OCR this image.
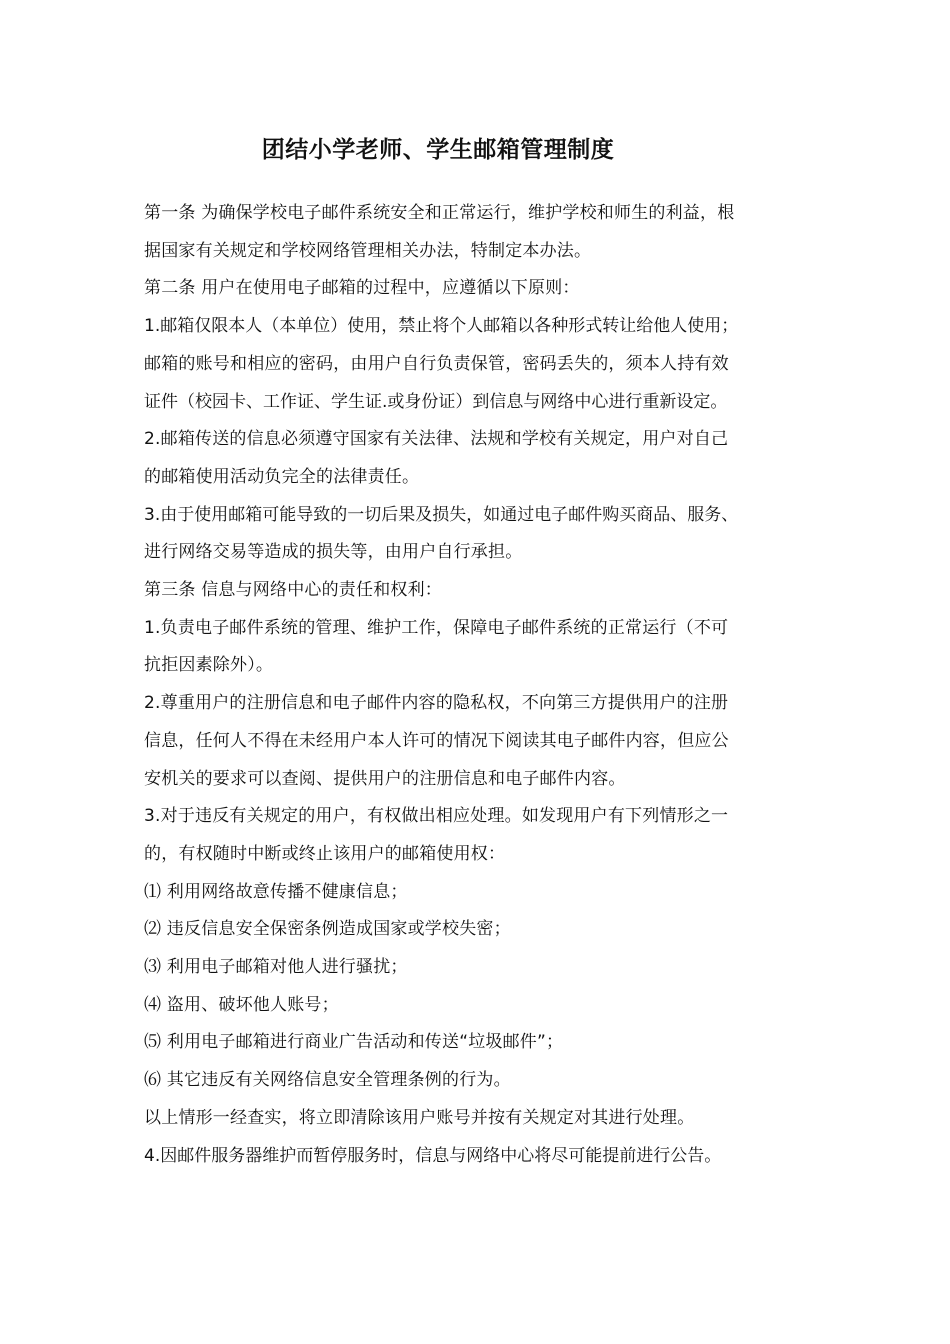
团结小学老师、学生邮箱管理制度
第一条 为确保学校电子邮件系统安全和正常运行，维护学校和师生的利益，根
据国家有关规定和学校网络管理相关办法，特制定本办法。
第二条 用户在使用电子邮箱的过程中，应遵循以下原则：
1.邮箱仅限本人（本单位）使用，禁止将个人邮箱以各种形式转让给他人使用；
邮箱的账号和相应的密码，由用户自行负责保管，密码丢失的，须本人持有效
证件（校园卡、工作证、学生证.或身份证）到信息与网络中心进行重新设定。
2.邮箱传送的信息必须遵守国家有关法律、法规和学校有关规定，用户对自己
的邮箱使用活动负完全的法律责任。
3.由于使用邮箱可能导致的一切后果及损失，如通过电子邮件购买商品、服务、
进行网络交易等造成的损失等，由用户自行承担。
第三条 信息与网络中心的责任和权利：
1.负责电子邮件系统的管理、维护工作，保障电子邮件系统的正常运行（不可
抗拒因素除外）。
2.尊重用户的注册信息和电子邮件内容的隐私权，不向第三方提供用户的注册
信息，任何人不得在未经用户本人许可的情况下阅读其电子邮件内容，但应公
安机关的要求可以查阅、提供用户的注册信息和电子邮件内容。
3.对于违反有关规定的用户，有权做出相应处理。如发现用户有下列情形之一
的，有权随时中断或终止该用户的邮箱使用权：
⑴ 利用网络故意传播不健康信息；
⑵ 违反信息安全保密条例造成国家或学校失密；
⑶ 利用电子邮箱对他人进行骚扰；
⑷ 盗用、破坏他人账号；
⑸ 利用电子邮箱进行商业广告活动和传送“垃圾邮件”；
⑹ 其它违反有关网络信息安全管理条例的行为。
以上情形一经查实，将立即清除该用户账号并按有关规定对其进行处理。
4.因邮件服务器维护而暂停服务时，信息与网络中心将尽可能提前进行公告。
